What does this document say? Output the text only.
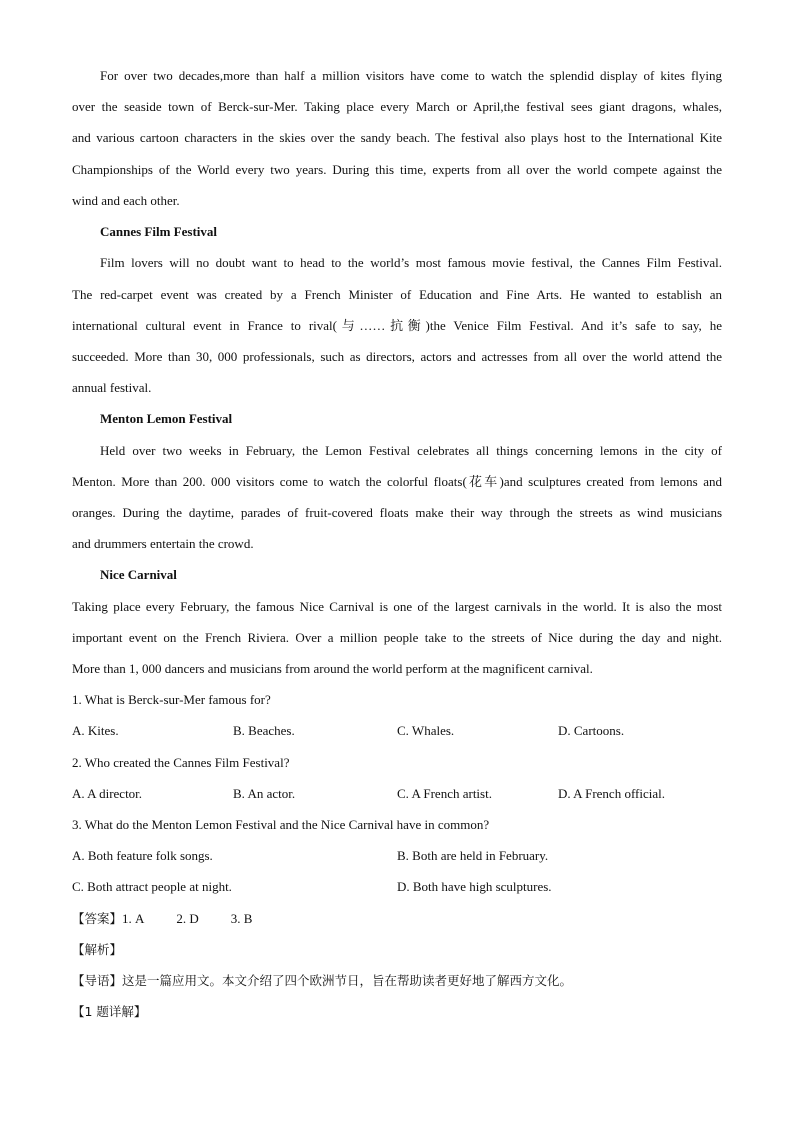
For over two decades,more than half a million visitors have come to watch the splendid display of kites flying
over the seaside town of Berck-sur-Mer. Taking place every March or April,the festival sees giant dragons, whales,
and various cartoon characters in the skies over the sandy beach. The festival also plays host to the International Kite
Championships of the World every two years. During this time, experts from all over the world compete against the
wind and each other.
Cannes Film Festival
Film lovers will no doubt want to head to the world’s most famous movie festival, the Cannes Film Festival.
The red-carpet event was created by a French Minister of Education and Fine Arts. He wanted to establish an
international cultural event in France to rival(与……抗衡)the Venice Film Festival. And it’s safe to say, he
succeeded. More than 30, 000 professionals, such as directors, actors and actresses from all over the world attend the
annual festival.
Menton Lemon Festival
Held over two weeks in February, the Lemon Festival celebrates all things concerning lemons in the city of
Menton. More than 200. 000 visitors come to watch the colorful floats(花车)and sculptures created from lemons and
oranges. During the daytime, parades of fruit-covered floats make their way through the streets as wind musicians
and drummers entertain the crowd.
Nice Carnival
Taking place every February, the famous Nice Carnival is one of the largest carnivals in the world. It is also the most
important event on the French Riviera. Over a million people take to the streets of Nice during the day and night.
More than 1, 000 dancers and musicians from around the world perform at the magnificent carnival.
1. What is Berck-sur-Mer famous for?
A. Kites.	B. Beaches.	C. Whales.	D. Cartoons.
2. Who created the Cannes Film Festival?
A. A director.	B. An actor.	C. A French artist.	D. A French official.
3. What do the Menton Lemon Festival and the Nice Carnival have in common?
A. Both feature folk songs.	B. Both are held in February.
C. Both attract people at night.	D. Both have high sculptures.
【答案】1. A 2. D 3. B
【解析】
【导语】这是一篇应用文。本文介绍了四个欧洲节日，旨在帮助读者更好地了解西方文化。
【1 题详解】
